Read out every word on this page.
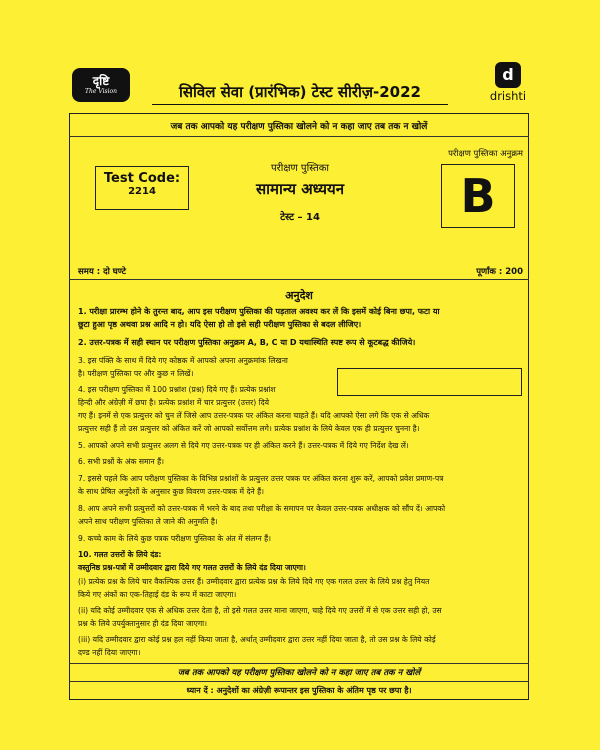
दृष्टि
The Vision	सिविल सेवा (प्रारंभिक) टेस्ट सीरीज़-2022
d
drishti
जब तक आपको यह परीक्षण पुस्तिका खोलने को न कहा जाए तब तक न खोलें
परीक्षण पुस्तिका अनुक्रम
Test Code:
2214
परीक्षण पुस्तिका
सामान्य अध्ययन
टेस्ट – 14	B
समय : दो घण्टे	पूर्णांक : 200
अनुदेश
1. परीक्षा प्रारम्भ होने के तुरन्त बाद, आप इस परीक्षण पुस्तिका की पड़ताल अवश्य कर लें कि इसमें कोई बिना छपा, फटा या
छूटा हुआ पृष्ठ अथवा प्रश्न आदि न हो। यदि ऐसा हो तो इसे सही परीक्षण पुस्तिका से बदल लीजिए।
2. उत्तर-पत्रक में सही स्थान पर परीक्षण पुस्तिका अनुक्रम A, B, C या D यथास्थिति स्पष्ट रूप से कूटबद्ध कीजिये।
3. इस पंक्ति के साथ में दिये गए कोष्ठक में आपको अपना अनुक्रमांक लिखना
है। परीक्षण पुस्तिका पर और कुछ न लिखें।
4. इस परीक्षण पुस्तिका में 100 प्रश्नांश (प्रश्न) दिये गए हैं। प्रत्येक प्रश्नांश
हिन्दी और अंग्रेज़ी में छपा है। प्रत्येक प्रश्नांश में चार प्रत्युत्तर (उत्तर) दिये
गए हैं। इनमें से एक प्रत्युत्तर को चुन लें जिसे आप उत्तर-पत्रक पर अंकित करना चाहते हैं। यदि आपको ऐसा लगे कि एक से अधिक
प्रत्युत्तर सही हैं तो उस प्रत्युत्तर को अंकित करें जो आपको सर्वोत्तम लगे। प्रत्येक प्रश्नांश के लिये केवल एक ही प्रत्युत्तर चुनना है।
5. आपको अपने सभी प्रत्युत्तर अलग से दिये गए उत्तर-पत्रक पर ही अंकित करने हैं। उत्तर-पत्रक में दिये गए निर्देश देख लें।
6. सभी प्रश्नों के अंक समान हैं।
7. इससे पहले कि आप परीक्षण पुस्तिका के विभिन्न प्रश्नांशों के प्रत्युत्तर उत्तर पत्रक पर अंकित करना शुरू करें, आपको प्रवेश प्रमाण-पत्र
के साथ प्रेषित अनुदेशों के अनुसार कुछ विवरण उत्तर-पत्रक में देने हैं।
8. आप अपने सभी प्रत्युत्तरों को उत्तर-पत्रक में भरने के बाद तथा परीक्षा के समापन पर केवल उत्तर-पत्रक अधीक्षक को सौंप दें। आपको
अपने साथ परीक्षण पुस्तिका ले जाने की अनुमति है।
9. कच्चे काम के लिये कुछ पत्रक परीक्षण पुस्तिका के अंत में संलग्न हैं।
10. गलत उत्तरों के लिये दंड:
वस्तुनिष्ठ प्रश्न-पत्रों में उम्मीदवार द्वारा दिये गए गलत उत्तरों के लिये दंड दिया जाएगा।
(i) प्रत्येक प्रश्न के लिये चार वैकल्पिक उत्तर हैं। उम्मीदवार द्वारा प्रत्येक प्रश्न के लिये दिये गए एक गलत उत्तर के लिये प्रश्न हेतु नियत
किये गए अंकों का एक-तिहाई दंड के रूप में काटा जाएगा।
(ii) यदि कोई उम्मीदवार एक से अधिक उत्तर देता है, तो इसे गलत उत्तर माना जाएगा, चाहे दिये गए उत्तरों में से एक उत्तर सही हो, उस
प्रश्न के लिये उपर्युक्तानुसार ही दंड दिया जाएगा।
(iii) यदि उम्मीदवार द्वारा कोई प्रश्न हल नहीं किया जाता है, अर्थात् उम्मीदवार द्वारा उत्तर नहीं दिया जाता है, तो उस प्रश्न के लिये कोई
दण्ड नहीं दिया जाएगा।
जब तक आपको यह परीक्षण पुस्तिका खोलने को न कहा जाए तब तक न खोलें
ध्यान दें : अनुदेशों का अंग्रेज़ी रूपान्तर इस पुस्तिका के अंतिम पृष्ठ पर छपा है।
